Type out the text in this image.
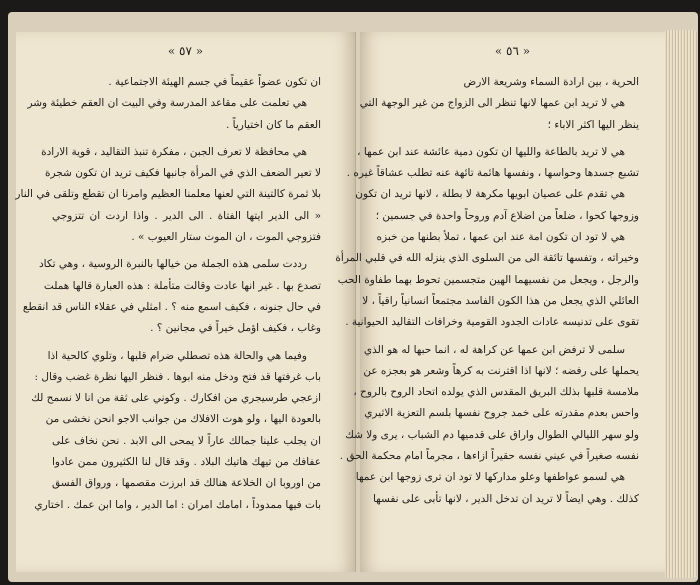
« ٥٧ »
ان تكون عضواً عقيماً في جسم الهيئة الاجتماعية .
هي تعلمت على مقاعد المدرسة وفي البيت ان العقم خطيئة وشر
العقم ما كان اختيارياً .
هي محافظة لا تعرف الجبن ، مفكرة تنبذ التقاليد ، قوية الارادة
لا تعير الضعف الذي في المرأة جانبها فكيف تريد ان تكون شجرة
بلا ثمرة كالتينة التي لعنها معلمنا العظيم وامرنا ان تقطع وتلقى في النار
« الى الدير ايتها الفتاة . الى الدير . واذا اردت ان تتزوجي
فتزوجي الموت ، ان الموت ستار العيوب » .
رددت سلمى هذه الجملة من خيالها بالنبرة الروسية ، وهي تكاد
تصدع بها . غير انها عادت وقالت متأملة : هذه العبارة قالها هملت
في حال جنونه ، فكيف اسمع منه ؟ . امثلي في عقلاء الناس قد انقطع
وغاب ، فكيف اؤمل خيراً في مجانين ؟ .
وفيما هي والحالة هذه تصطلي ضرام قلبها ، وتلوي كالحية اذا
باب غرفتها قد فتح ودخل منه ابوها . فنظر اليها نظرة غضب وقال :
ازعجي طرسيجري من افكارك . وكوني على ثقة من انا لا نسمح لك
بالعودة اليها ، ولو هوت الافلاك من جوانب الاجو انحن نخشى من
ان يجلب علينا جمالك عاراً لا يمحى الى الابد . نحن نخاف على
عفافك من تيهك هاتيك البلاد . وقد قال لنا الكثيرون ممن عادوا
من اوروبا ان الخلاعة هنالك قد ابرزت مقصمها ، ورواق الفسق
بات فيها ممدوداً ، امامك امران : اما الدير ، واما ابن عمك . اختاري
« ٥٦ »
الحرية ، بين ارادة السماء وشريعة الارض
هي لا تريد ابن عمها لانها تنظر الى الزواج من غير الوجهة التي
ينظر اليها اكثر الاباء ؛
هي لا تريد بالطاعة والليها ان تكون دمية عائشة عند ابن عمها ،
تشبع جسدها وحواسها ، ونفسها هائمة تائهة عنه تطلب عشاقاً غيره .
هي تقدم على عصيان ابويها مكرهة لا بطلة ، لانها تريد ان تكون
وزوجها كحوا ، ضلعاً من اضلاع آدم وروحاً واحدة في جسمين ؛
هي لا تود ان تكون امة عند ابن عمها ، تملأ بطنها من خبزه
وخيراته ، وتفسها تائقة الى من السلوى الذي ينزله الله في قلبي المرأة
والرجل ، ويجعل من نفسيهما الهين متجسمين تحوط بهما طفاوة الحب
العائلي الذي يجعل من هذا الكون الفاسد مجتمعاً انسانياً راقياً ، لا
تقوى على تدنيسه عادات الجدود القومية وخرافات التقاليد الحيوانية .
سلمى لا ترفض ابن عمها عن كراهة له ، انما حبها له هو الذي
يحملها على رفضه ؛ لانها اذا اقترنت به كرهاً وشعر هو بعجزه عن
ملامسة قلبها بذلك البريق المقدس الذي يولده اتحاد الروح بالروح ،
واحس بعدم مقدرته على خمد جروح نفسها بلسم التعزية الاثيري
ولو سهر الليالي الطوال واراق على قدميها دم الشباب ، يرى ولا شك
نفسه صغيراً في عيني نفسه حقيراً ازاءها ، مجرماً امام محكمة الحق .
هي لسمو عواطفها وعلو مداركها لا تود ان ترى زوجها ابن عمها
كذلك . وهي ايضاً لا تريد ان تدخل الدير ، لانها تأبى على نفسها
